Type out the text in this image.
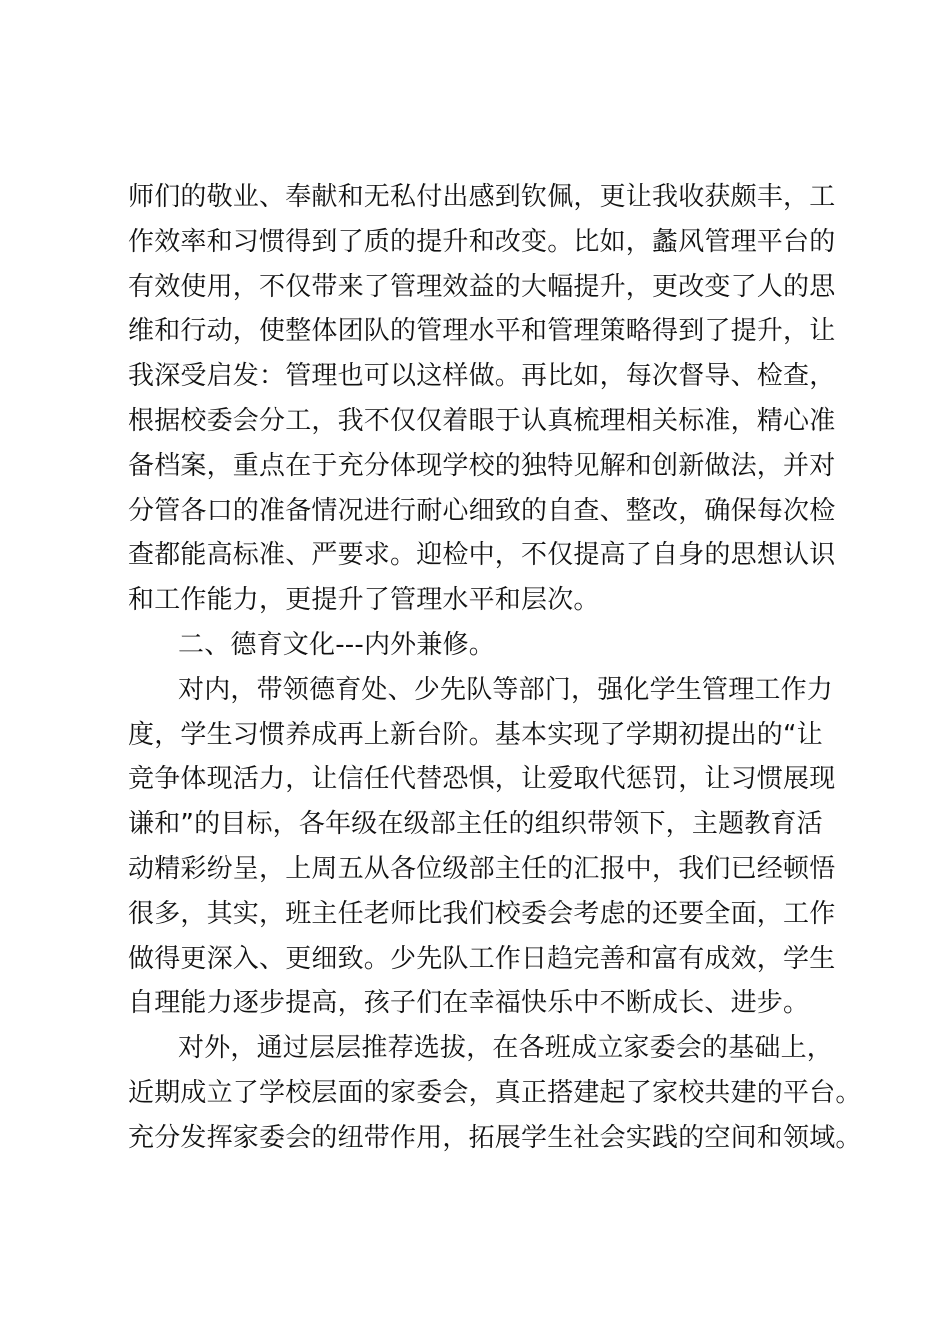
师们的敬业、奉献和无私付出感到钦佩，更让我收获颇丰，工
作效率和习惯得到了质的提升和改变。比如，蠡风管理平台的
有效使用，不仅带来了管理效益的大幅提升，更改变了人的思
维和行动，使整体团队的管理水平和管理策略得到了提升，让
我深受启发：管理也可以这样做。再比如，每次督导、检查，
根据校委会分工，我不仅仅着眼于认真梳理相关标准，精心准
备档案，重点在于充分体现学校的独特见解和创新做法，并对
分管各口的准备情况进行耐心细致的自查、整改，确保每次检
查都能高标准、严要求。迎检中，不仅提高了自身的思想认识
和工作能力，更提升了管理水平和层次。
二、德育文化---内外兼修。
对内，带领德育处、少先队等部门，强化学生管理工作力
度，学生习惯养成再上新台阶。基本实现了学期初提出的“让
竞争体现活力，让信任代替恐惧，让爱取代惩罚，让习惯展现
谦和”的目标，各年级在级部主任的组织带领下，主题教育活
动精彩纷呈，上周五从各位级部主任的汇报中，我们已经顿悟
很多，其实，班主任老师比我们校委会考虑的还要全面，工作
做得更深入、更细致。少先队工作日趋完善和富有成效，学生
自理能力逐步提高，孩子们在幸福快乐中不断成长、进步。
对外，通过层层推荐选拔，在各班成立家委会的基础上，
近期成立了学校层面的家委会，真正搭建起了家校共建的平台。
充分发挥家委会的纽带作用，拓展学生社会实践的空间和领域。
